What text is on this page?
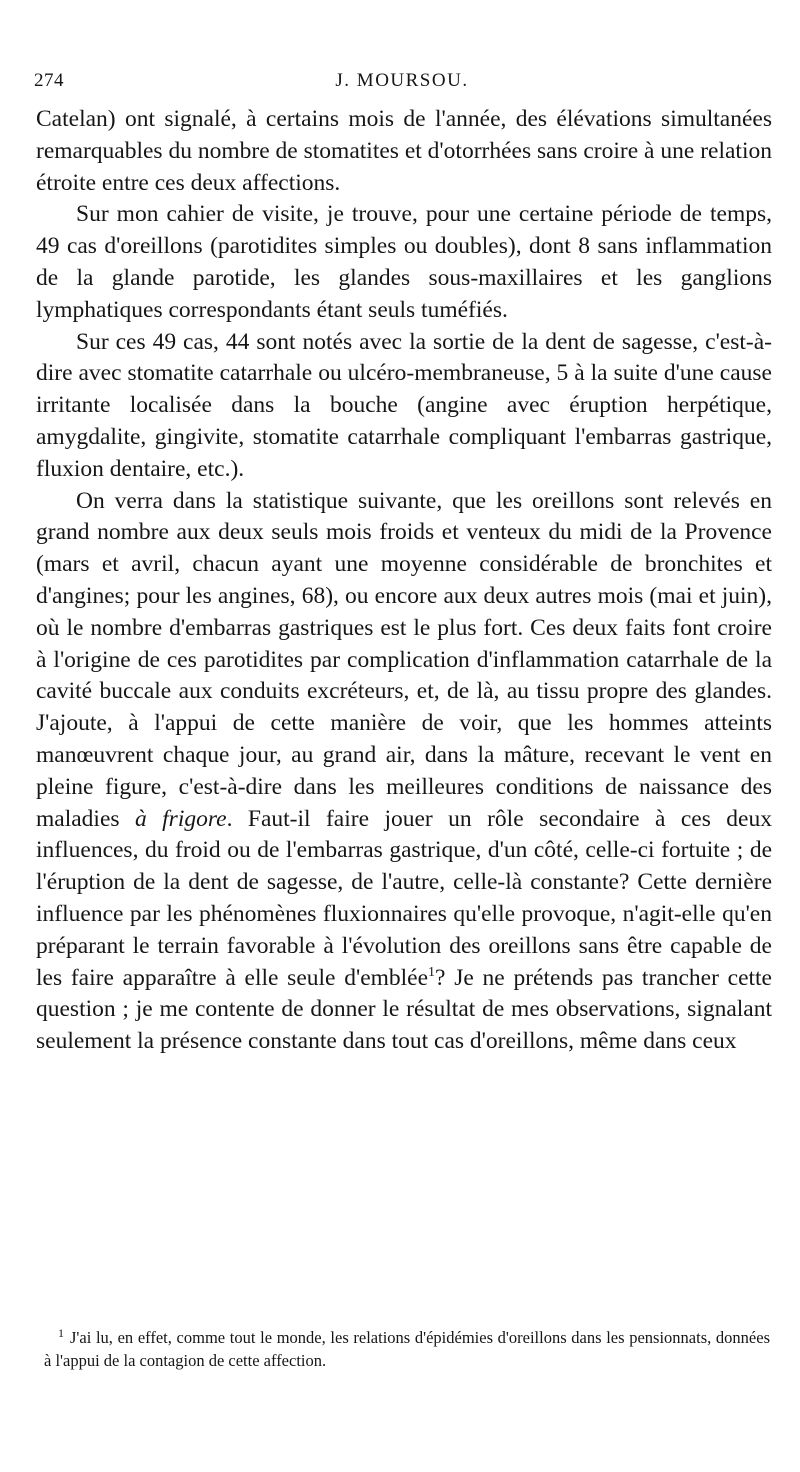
274	J. MOURSOU.

Catelan) ont signalé, à certains mois de l'année, des élévations simultanées remarquables du nombre de stomatites et d'otorrhées sans croire à une relation étroite entre ces deux affections.

Sur mon cahier de visite, je trouve, pour une certaine période de temps, 49 cas d'oreillons (parotidites simples ou doubles), dont 8 sans inflammation de la glande parotide, les glandes sous-maxillaires et les ganglions lymphatiques correspondants étant seuls tuméfiés.

Sur ces 49 cas, 44 sont notés avec la sortie de la dent de sagesse, c'est-à-dire avec stomatite catarrhale ou ulcéro-membraneuse, 5 à la suite d'une cause irritante localisée dans la bouche (angine avec éruption herpétique, amygdalite, gingivite, stomatite catarrhale compliquant l'embarras gastrique, fluxion dentaire, etc.).

On verra dans la statistique suivante, que les oreillons sont relevés en grand nombre aux deux seuls mois froids et venteux du midi de la Provence (mars et avril, chacun ayant une moyenne considérable de bronchites et d'angines; pour les angines, 68), ou encore aux deux autres mois (mai et juin), où le nombre d'embarras gastriques est le plus fort. Ces deux faits font croire à l'origine de ces parotidites par complication d'inflammation catarrhale de la cavité buccale aux conduits excréteurs, et, de là, au tissu propre des glandes. J'ajoute, à l'appui de cette manière de voir, que les hommes atteints manœuvrent chaque jour, au grand air, dans la mâture, recevant le vent en pleine figure, c'est-à-dire dans les meilleures conditions de naissance des maladies à frigore. Faut-il faire jouer un rôle secondaire à ces deux influences, du froid ou de l'embarras gastrique, d'un côté, celle-ci fortuite ; de l'éruption de la dent de sagesse, de l'autre, celle-là constante? Cette dernière influence par les phénomènes fluxionnaires qu'elle provoque, n'agit-elle qu'en préparant le terrain favorable à l'évolution des oreillons sans être capable de les faire apparaître à elle seule d'emblée$^1$? Je ne prétends pas trancher cette question ; je me contente de donner le résultat de mes observations, signalant seulement la présence constante dans tout cas d'oreillons, même dans ceux

$^1$ J'ai lu, en effet, comme tout le monde, les relations d'épidémies d'oreillons dans les pensionnats, données à l'appui de la contagion de cette affection.
